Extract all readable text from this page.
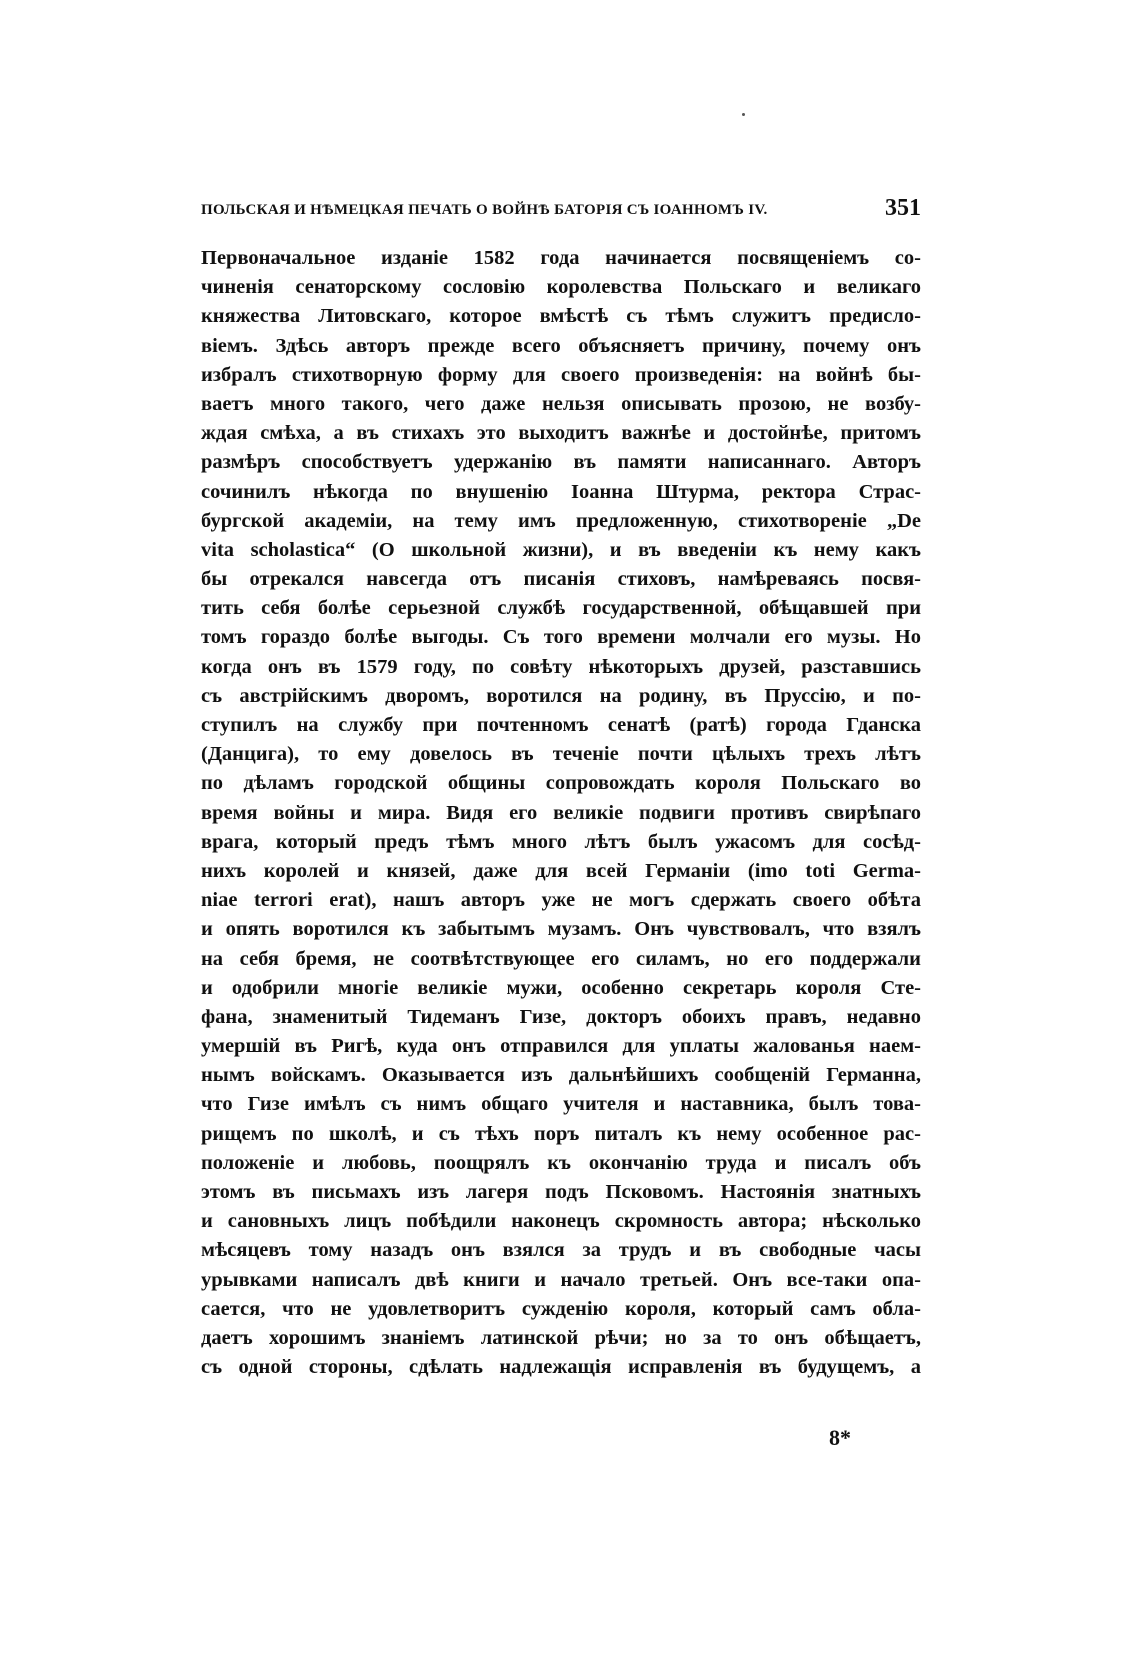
ПОЛЬСКАЯ И НѢМЕЦКАЯ ПЕЧАТЬ О ВОЙНѢ БАТОРІЯ СЪ ІОАННОМЪ IV.	351
Первоначальное изданіе 1582 года начинается посвященіемъ со-
чиненія сенаторскому сословію королевства Польскаго и великаго
княжества Литовскаго, которое вмѣстѣ съ тѣмъ служитъ предисло-
віемъ. Здѣсь авторъ прежде всего объясняетъ причину, почему онъ
избралъ стихотворную форму для своего произведенія: на войнѣ бы-
ваетъ много такого, чего даже нельзя описывать прозою, не возбу-
ждая смѣха, а въ стихахъ это выходитъ важнѣе и достойнѣе, притомъ
размѣръ способствуетъ удержанію въ памяти написаннаго. Авторъ
сочинилъ нѣкогда по внушенію Іоанна Штурма, ректора Страс-
бургской академіи, на тему имъ предложенную, стихотвореніе „De
vita scholastica“ (О школьной жизни), и въ введеніи къ нему какъ
бы отрекался навсегда отъ писанія стиховъ, намѣреваясь посвя-
тить себя болѣе серьезной службѣ государственной, обѣщавшей при
томъ гораздо болѣе выгоды. Съ того времени молчали его музы. Но
когда онъ въ 1579 году, по совѣту нѣкоторыхъ друзей, разставшись
съ австрійскимъ дворомъ, воротился на родину, въ Пруссію, и по-
ступилъ на службу при почтенномъ сенатѣ (ратѣ) города Гданска
(Данцига), то ему довелось въ теченіе почти цѣлыхъ трехъ лѣтъ
по дѣламъ городской общины сопровождать короля Польскаго во
время войны и мира. Видя его великіе подвиги противъ свирѣпаго
врага, который предъ тѣмъ много лѣтъ былъ ужасомъ для сосѣд-
нихъ королей и князей, даже для всей Германіи (imo toti Germa-
niae terrori erat), нашъ авторъ уже не могъ сдержать своего обѣта
и опять воротился къ забытымъ музамъ. Онъ чувствовалъ, что взялъ
на себя бремя, не соотвѣтствующее его силамъ, но его поддержали
и одобрили многіе великіе мужи, особенно секретарь короля Сте-
фана, знаменитый Тидеманъ Гизе, докторъ обоихъ правъ, недавно
умершій въ Ригѣ, куда онъ отправился для уплаты жалованья наем-
нымъ войскамъ. Оказывается изъ дальнѣйшихъ сообщеній Германна,
что Гизе имѣлъ съ нимъ общаго учителя и наставника, былъ това-
рищемъ по школѣ, и съ тѣхъ поръ питалъ къ нему особенное рас-
положеніе и любовь, поощрялъ къ окончанію труда и писалъ объ
этомъ въ письмахъ изъ лагеря подъ Псковомъ. Настоянія знатныхъ
и сановныхъ лицъ побѣдили наконецъ скромность автора; нѣсколько
мѣсяцевъ тому назадъ онъ взялся за трудъ и въ свободные часы
урывками написалъ двѣ книги и начало третьей. Онъ все-таки опа-
сается, что не удовлетворитъ сужденію короля, который самъ обла-
даетъ хорошимъ знаніемъ латинской рѣчи; но за то онъ обѣщаетъ,
съ одной стороны, сдѣлать надлежащія исправленія въ будущемъ, а
8*
